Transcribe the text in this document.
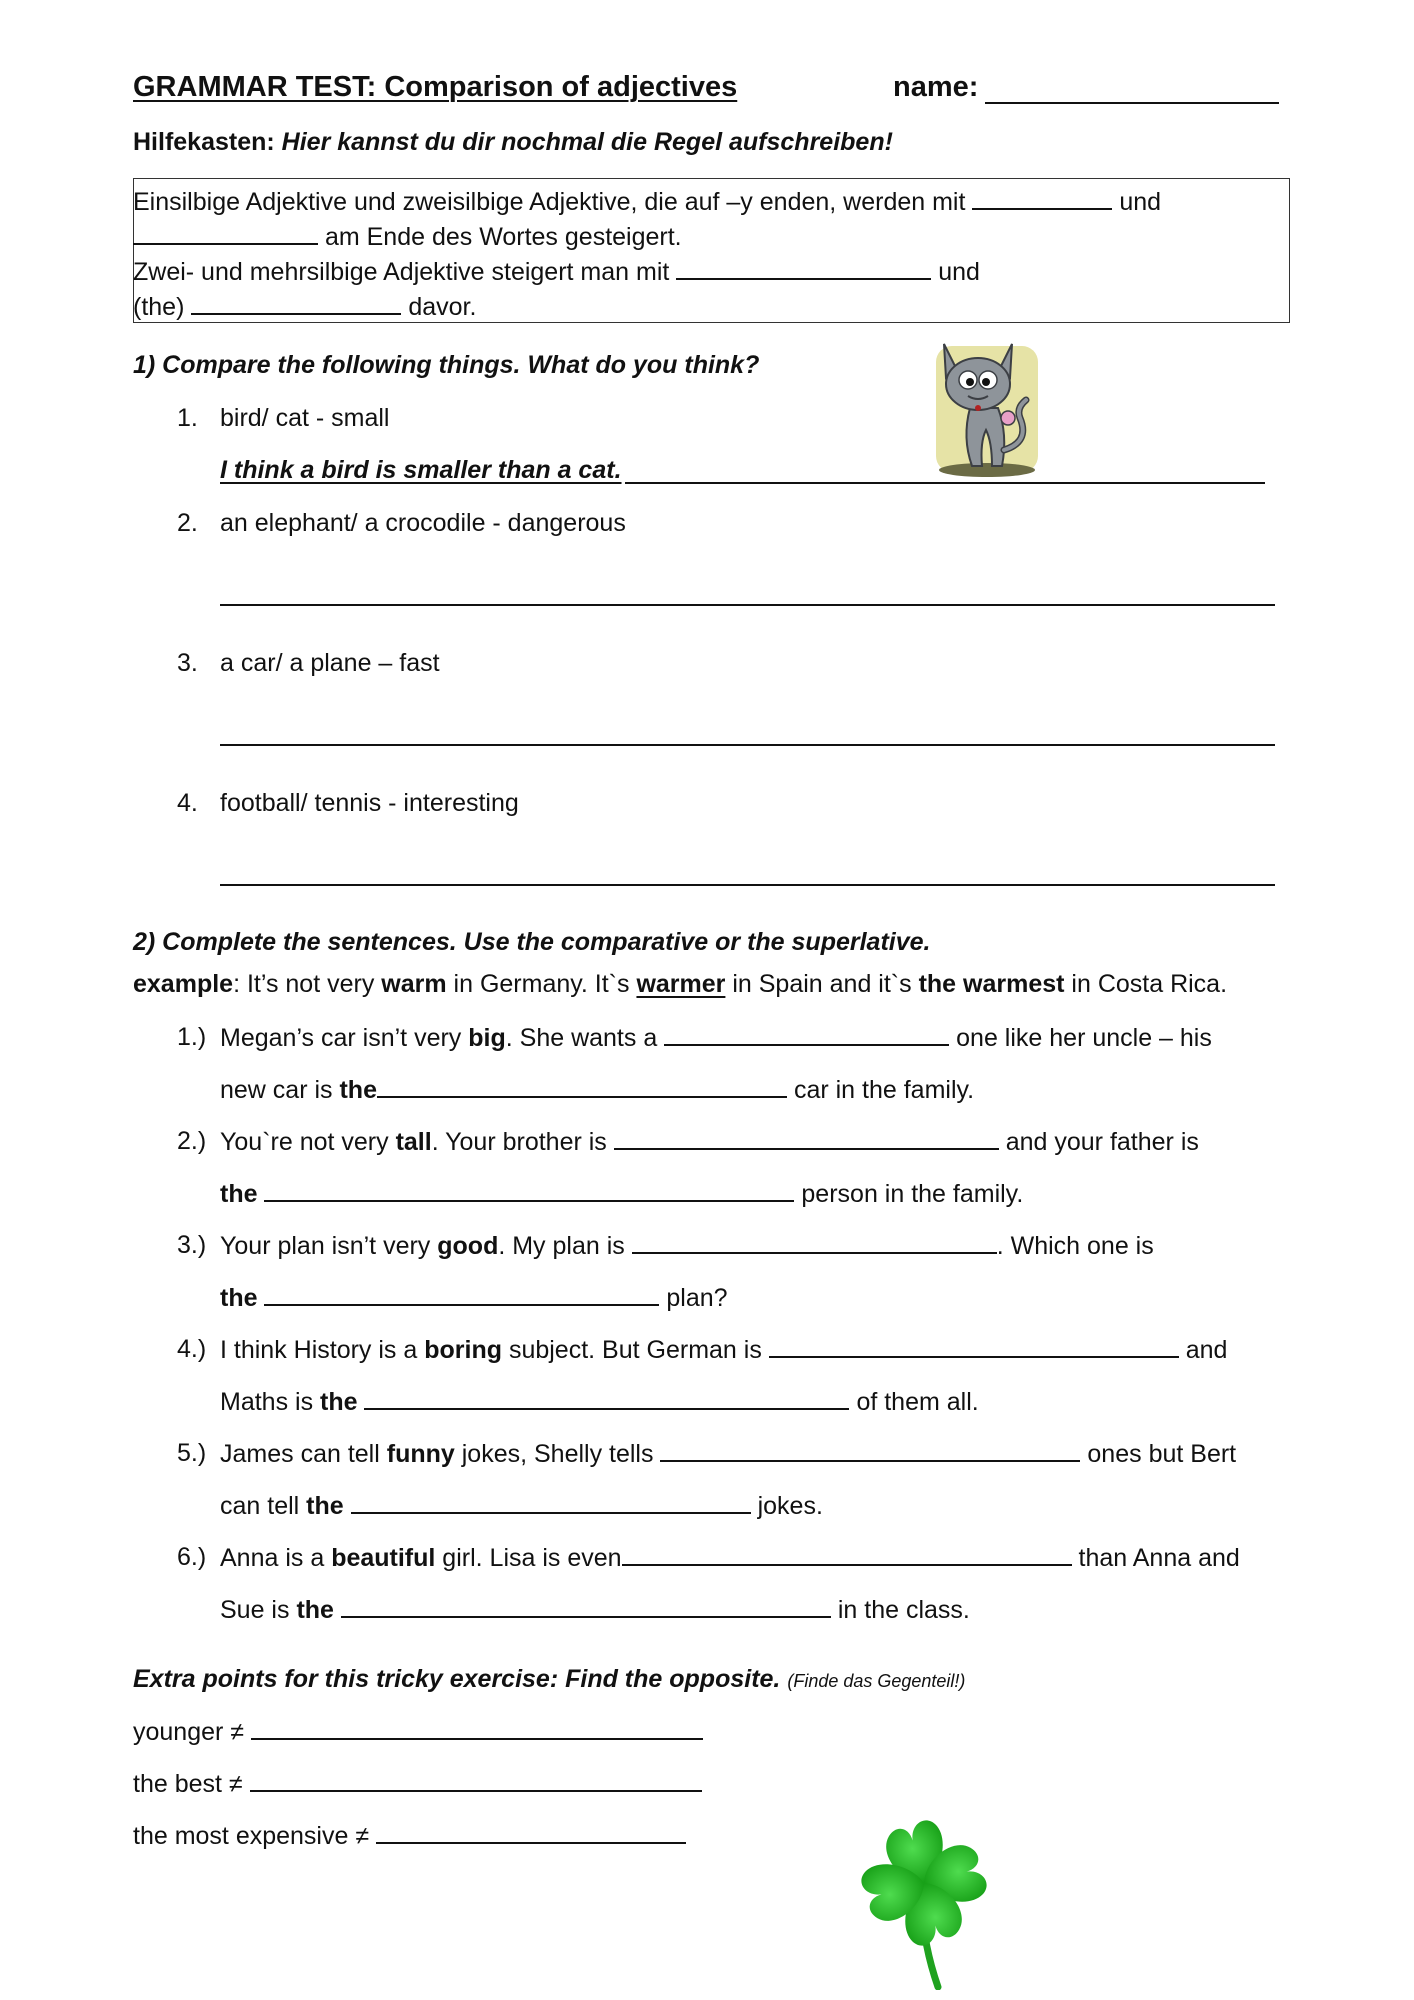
GRAMMAR TEST: Comparison of adjectives	name:
Hilfekasten: Hier kannst du dir nochmal die Regel aufschreiben!
Einsilbige Adjektive und zweisilbige Adjektive, die auf –y enden, werden mit	und
am Ende des Wortes gesteigert.
Zwei- und mehrsilbige Adjektive steigert man mit	und
(the)	davor.
1) Compare the following things. What do you think?
1. bird/ cat - small
I think a bird is smaller than a cat.
2. an elephant/ a crocodile - dangerous
3. a car/ a plane – fast
4. football/ tennis - interesting
2) Complete the sentences. Use the comparative or the superlative.
example: It’s not very warm in Germany. It`s warmer in Spain and it`s the warmest in Costa Rica.
1.) Megan’s car isn’t very big. She wants a	one like her uncle – his
new car is the	car in the family.
2.) You`re not very tall. Your brother is	and your father is
the	person in the family.
3.) Your plan isn’t very good. My plan is	. Which one is
the	plan?
4.) I think History is a boring subject. But German is	and
Maths is the	of them all.
5.) James can tell funny jokes, Shelly tells	ones but Bert
can tell the	jokes.
6.) Anna is a beautiful girl. Lisa is even	than Anna and
Sue is the	in the class.
Extra points for this tricky exercise: Find the opposite. (Finde das Gegenteil!)
younger ≠
the best ≠
the most expensive ≠
